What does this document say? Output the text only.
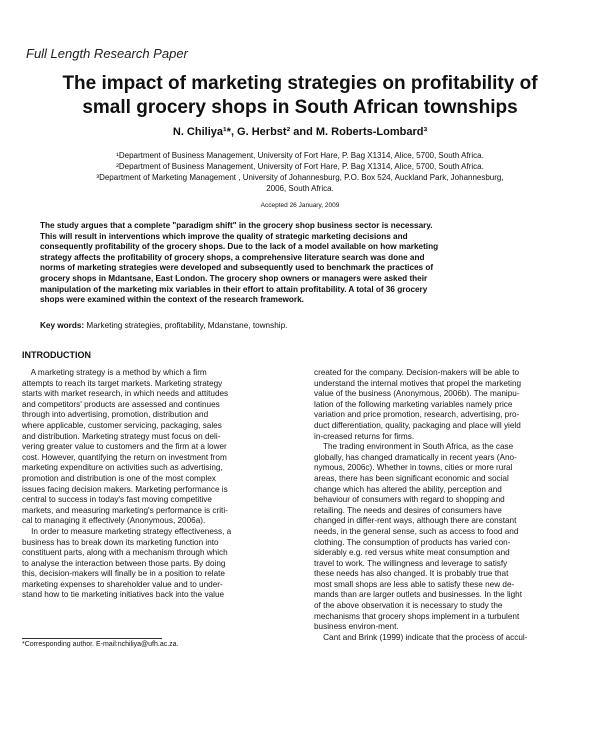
Full Length Research Paper
The impact of marketing strategies on profitability of
small grocery shops in South African townships
N. Chiliya¹*, G. Herbst² and M. Roberts-Lombard³
¹Department of Business Management, University of Fort Hare, P. Bag X1314, Alice, 5700, South Africa.
²Department of Business Management, University of Fort Hare, P. Bag X1314, Alice, 5700, South Africa.
³Department of Marketing Management , University of Johannesburg, P.O. Box 524, Auckland Park, Johannesburg,
2006, South Africa.
Accepted 26 January, 2009
The study argues that a complete "paradigm shift" in the grocery shop business sector is necessary.
This will result in interventions which improve the quality of strategic marketing decisions and
consequently profitability of the grocery shops. Due to the lack of a model available on how marketing
strategy affects the profitability of grocery shops, a comprehensive literature search was done and
norms of marketing strategies were developed and subsequently used to benchmark the practices of
grocery shops in Mdantsane, East London. The grocery shop owners or managers were asked their
manipulation of the marketing mix variables in their effort to attain profitability. A total of 36 grocery
shops were examined within the context of the research framework.
Key words: Marketing strategies, profitability, Mdanstane, township.
INTRODUCTION
A marketing strategy is a method by which a firm
attempts to reach its target markets. Marketing strategy
starts with market research, in which needs and attitudes
and competitors' products are assessed and continues
through into advertising, promotion, distribution and
where applicable, customer servicing, packaging, sales
and distribution. Marketing strategy must focus on deli-
vering greater value to customers and the firm at a lower
cost. However, quantifying the return on investment from
marketing expenditure on activities such as advertising,
promotion and distribution is one of the most complex
issues facing decision makers. Marketing performance is
central to success in today's fast moving competitive
markets, and measuring marketing's performance is criti-
cal to managing it effectively (Anonymous, 2006a).
In order to measure marketing strategy effectiveness, a
business has to break down its marketing function into
constituent parts, along with a mechanism through which
to analyse the interaction between those parts. By doing
this, decision-makers will finally be in a position to relate
marketing expenses to shareholder value and to under-
stand how to tie marketing initiatives back into the value
created for the company. Decision-makers will be able to
understand the internal motives that propel the marketing
value of the business (Anonymous, 2006b). The manipu-
lation of the following marketing variables namely price
variation and price promotion, research, advertising, pro-
duct differentiation, quality, packaging and place will yield
in-creased returns for firms.
The trading environment in South Africa, as the case
globally, has changed dramatically in recent years (Ano-
nymous, 2006c). Whether in towns, cities or more rural
areas, there has been significant economic and social
change which has altered the ability, perception and
behaviour of consumers with regard to shopping and
retailing. The needs and desires of consumers have
changed in differ-rent ways, although there are constant
needs, in the general sense, such as access to food and
clothing. The consumption of products has varied con-
siderably e.g. red versus white meat consumption and
travel to work. The willingness and leverage to satisfy
these needs has also changed. It is probably true that
most small shops are less able to satisfy these new de-
mands than are larger outlets and businesses. In the light
of the above observation it is necessary to study the
mechanisms that grocery shops implement in a turbulent
business environ-ment.
Cant and Brink (1999) indicate that the process of accul-
*Corresponding author. E-mail:nchiliya@ufh.ac.za.
